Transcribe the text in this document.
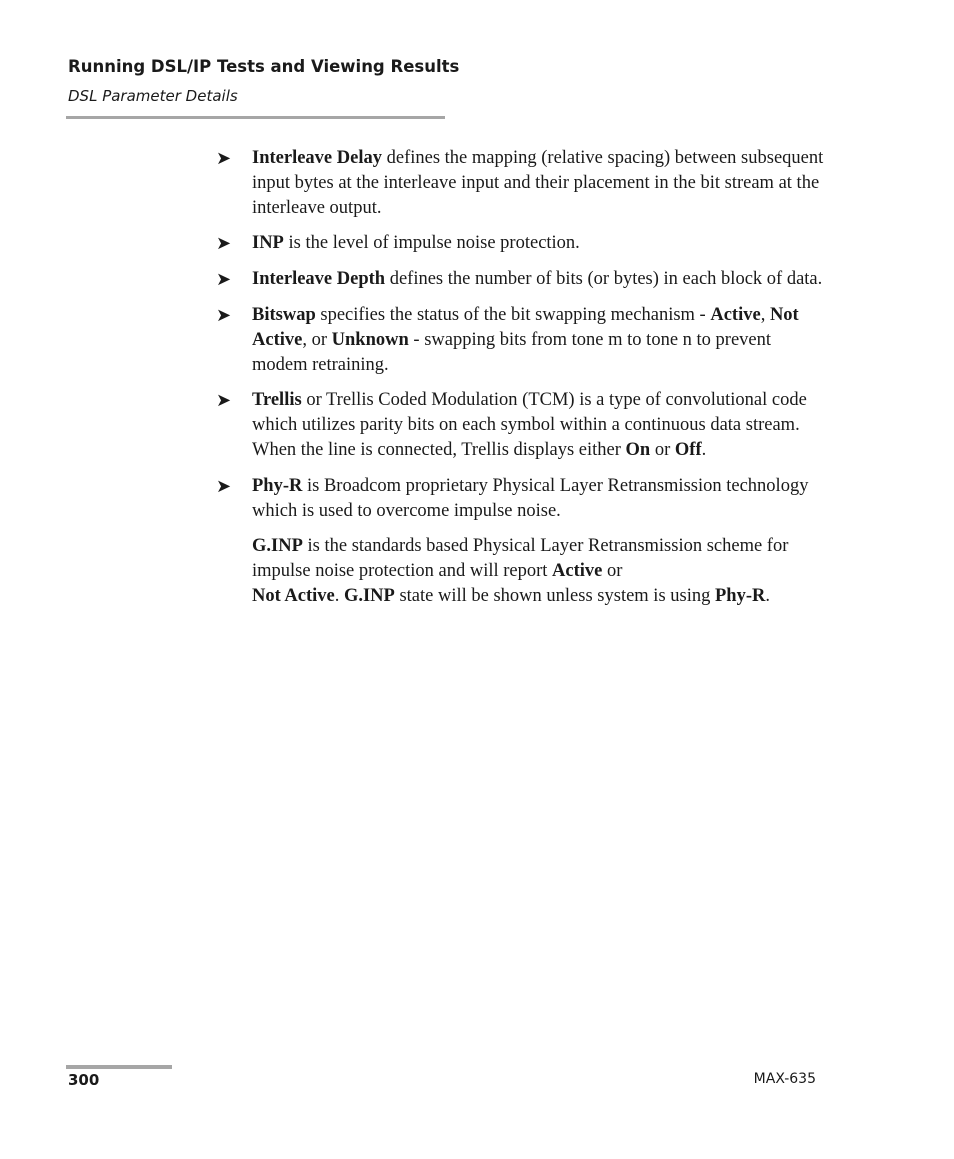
Running DSL/IP Tests and Viewing Results
DSL Parameter Details
➤ Interleave Delay defines the mapping (relative spacing) between subsequent input bytes at the interleave input and their placement in the bit stream at the interleave output.
➤ INP is the level of impulse noise protection.
➤ Interleave Depth defines the number of bits (or bytes) in each block of data.
➤ Bitswap specifies the status of the bit swapping mechanism - Active, Not Active, or Unknown - swapping bits from tone m to tone n to prevent modem retraining.
➤ Trellis or Trellis Coded Modulation (TCM) is a type of convolutional code which utilizes parity bits on each symbol within a continuous data stream. When the line is connected, Trellis displays either On or Off.
➤ Phy-R is Broadcom proprietary Physical Layer Retransmission technology which is used to overcome impulse noise.
G.INP is the standards based Physical Layer Retransmission scheme for impulse noise protection and will report Active or
Not Active. G.INP state will be shown unless system is using Phy-R.
300	MAX-635
